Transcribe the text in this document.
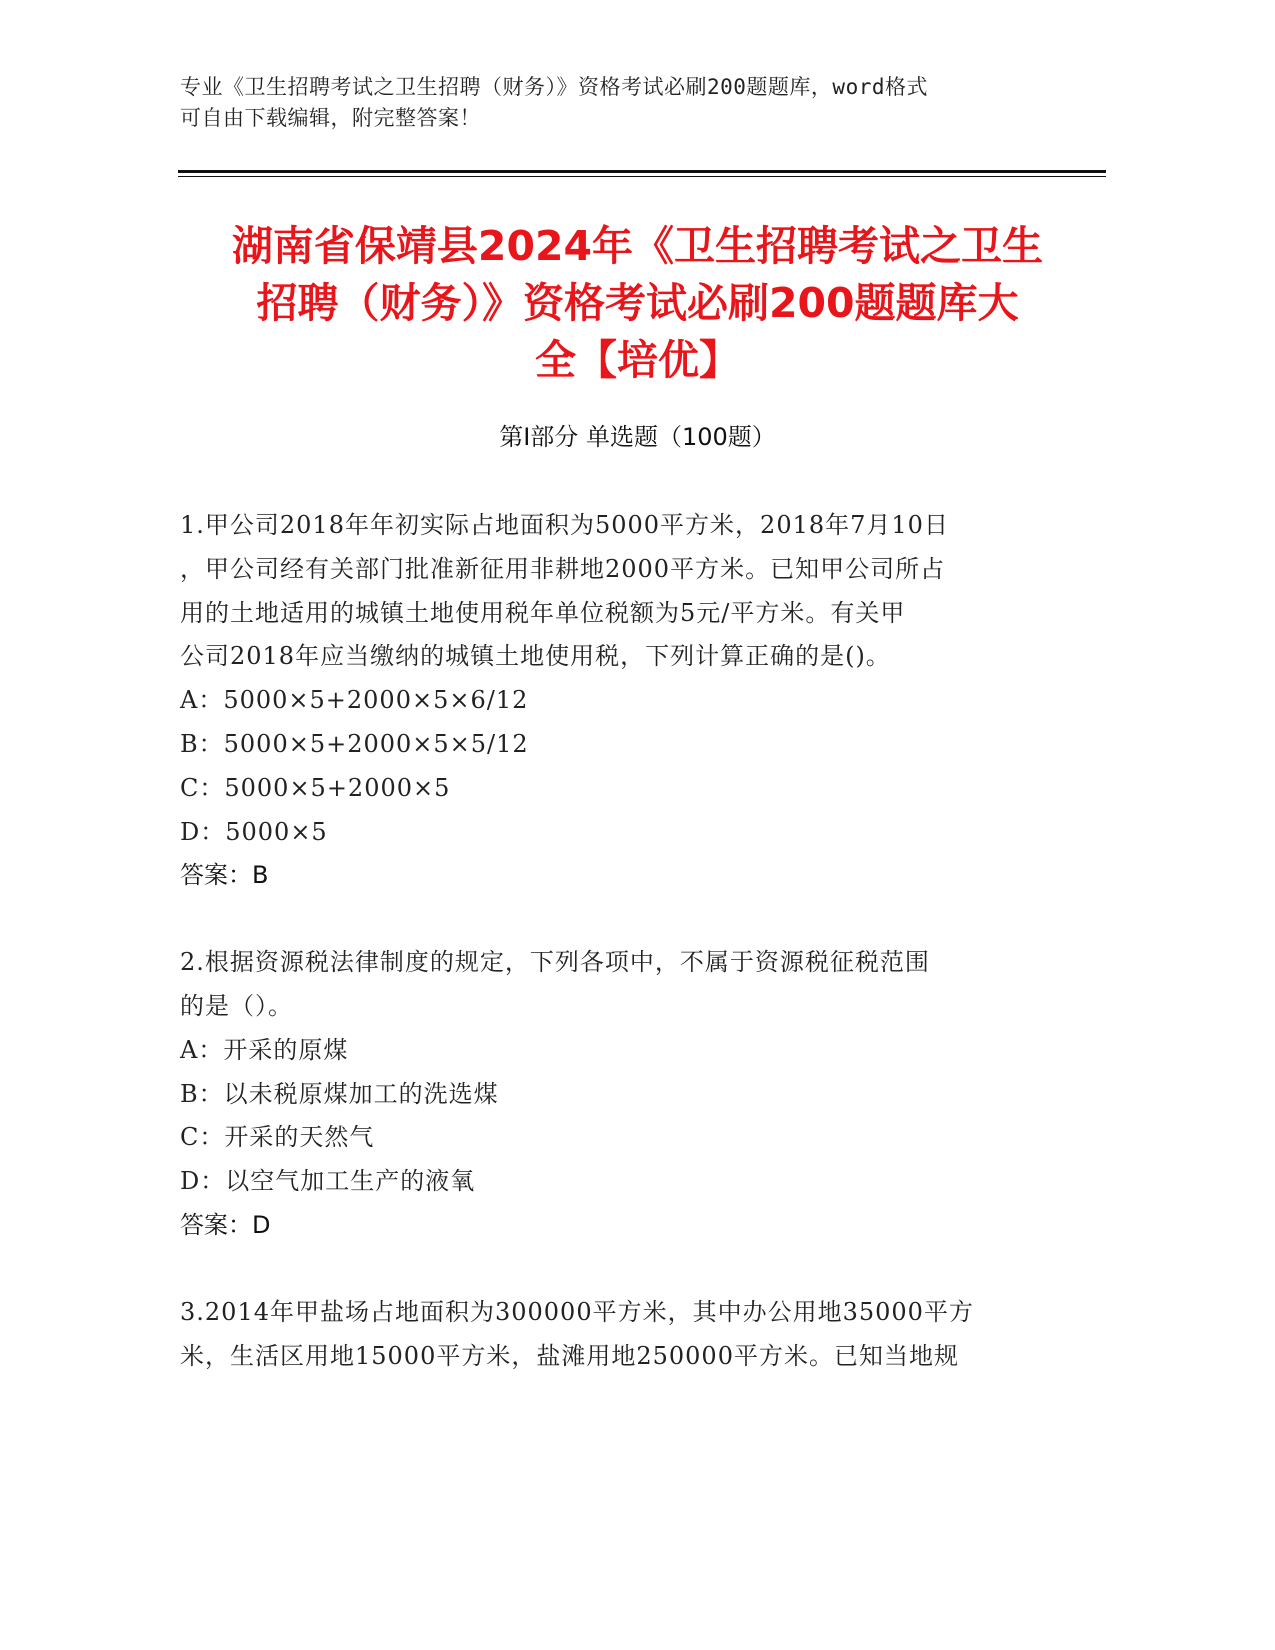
专业《卫生招聘考试之卫生招聘（财务）》资格考试必刷200题题库，word格式
可自由下载编辑，附完整答案！
湖南省保靖县2024年《卫生招聘考试之卫生
招聘（财务）》资格考试必刷200题题库大
全【培优】
第Ⅰ部分 单选题（100题）
1.甲公司2018年年初实际占地面积为5000平方米，2018年7月10日
，甲公司经有关部门批准新征用非耕地2000平方米。已知甲公司所占
用的土地适用的城镇土地使用税年单位税额为5元/平方米。有关甲
公司2018年应当缴纳的城镇土地使用税，下列计算正确的是()。
A：5000×5+2000×5×6/12
B：5000×5+2000×5×5/12
C：5000×5+2000×5
D：5000×5
答案：B
2.根据资源税法律制度的规定，下列各项中，不属于资源税征税范围
的是（）。
A：开采的原煤
B：以未税原煤加工的洗选煤
C：开采的天然气
D：以空气加工生产的液氧
答案：D
3.2014年甲盐场占地面积为300000平方米，其中办公用地35000平方
米，生活区用地15000平方米，盐滩用地250000平方米。已知当地规
